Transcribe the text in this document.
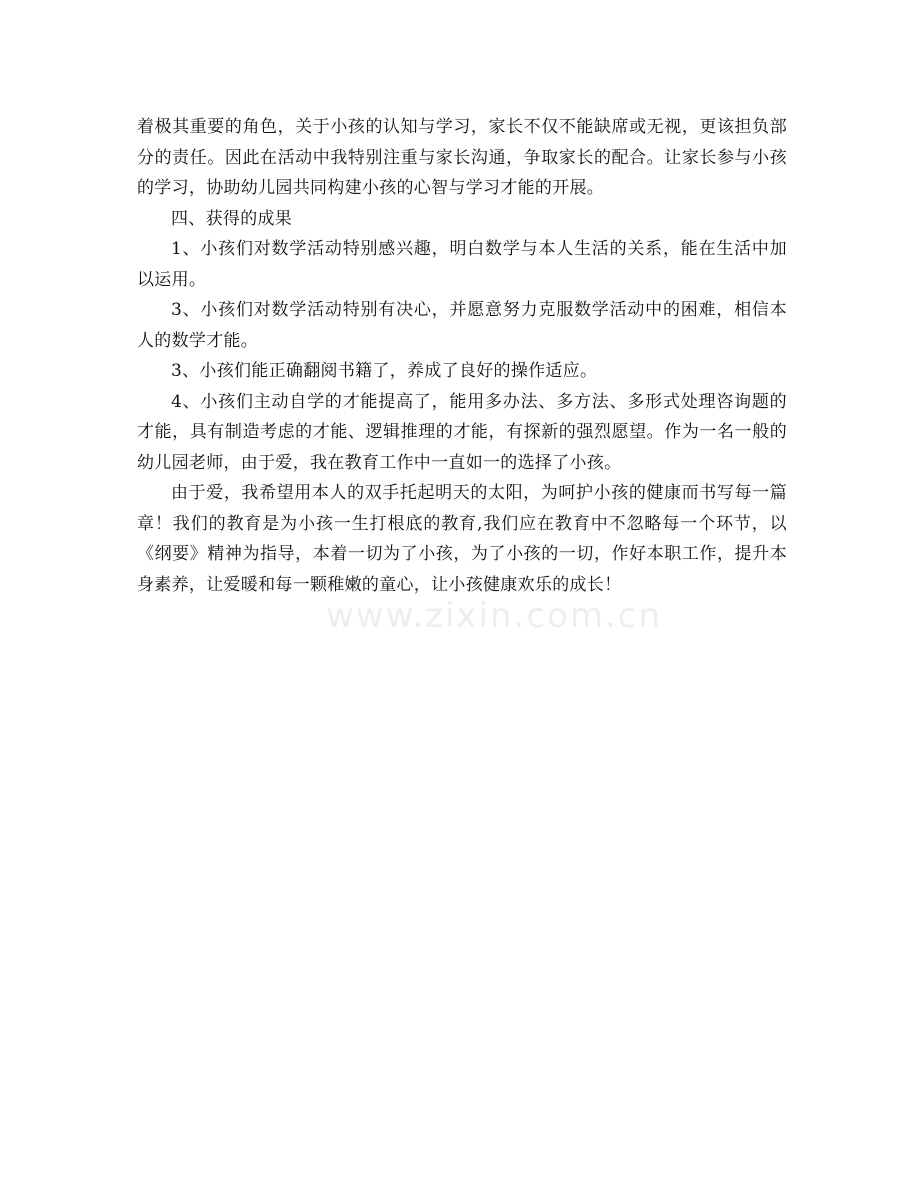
着极其重要的角色，关于小孩的认知与学习，家长不仅不能缺席或无视，更该担负部分的责任。因此在活动中我特别注重与家长沟通，争取家长的配合。让家长参与小孩的学习，协助幼儿园共同构建小孩的心智与学习才能的开展。

四、获得的成果

1、小孩们对数学活动特别感兴趣，明白数学与本人生活的关系，能在生活中加以运用。

3、小孩们对数学活动特别有决心，并愿意努力克服数学活动中的困难，相信本人的数学才能。

3、小孩们能正确翻阅书籍了，养成了良好的操作适应。

4、小孩们主动自学的才能提高了，能用多办法、多方法、多形式处理咨询题的才能，具有制造考虑的才能、逻辑推理的才能，有探新的强烈愿望。作为一名一般的幼儿园老师，由于爱，我在教育工作中一直如一的选择了小孩。

由于爱，我希望用本人的双手托起明天的太阳，为呵护小孩的健康而书写每一篇章！我们的教育是为小孩一生打根底的教育,我们应在教育中不忽略每一个环节，以《纲要》精神为指导，本着一切为了小孩，为了小孩的一切，作好本职工作，提升本身素养，让爱暖和每一颗稚嫩的童心，让小孩健康欢乐的成长！

www.zixin.com.cn
